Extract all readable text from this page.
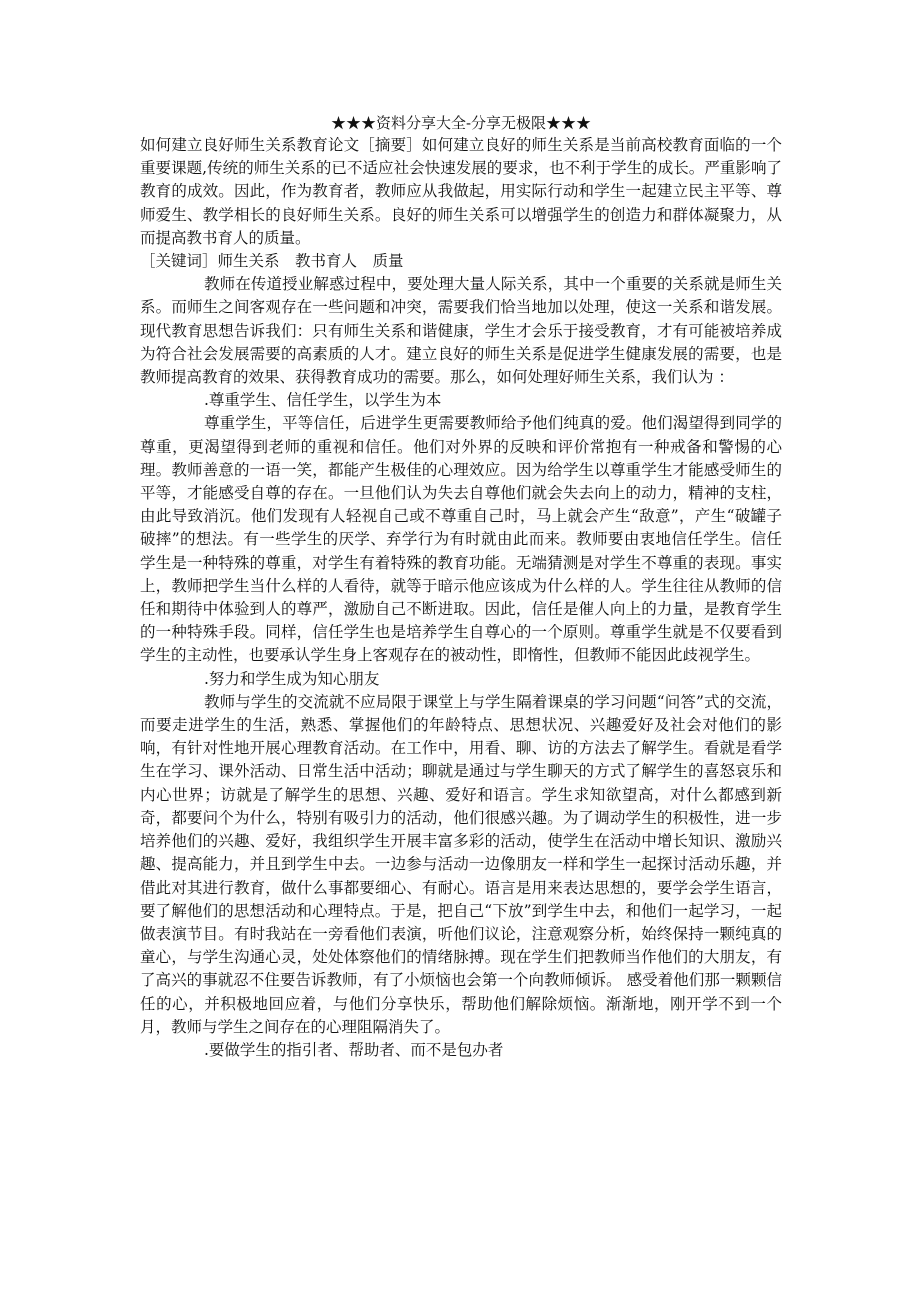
★★★资料分享大全-分享无极限★★★

如何建立良好师生关系教育论文［摘要］如何建立良好的师生关系是当前高校教育面临的一个重要课题,传统的师生关系的已不适应社会快速发展的要求，也不利于学生的成长。严重影响了教育的成效。因此，作为教育者，教师应从我做起，用实际行动和学生一起建立民主平等、尊师爱生、教学相长的良好师生关系。良好的师生关系可以增强学生的创造力和群体凝聚力，从而提高教书育人的质量。

［关键词］师生关系　教书育人　质量

教师在传道授业解惑过程中，要处理大量人际关系，其中一个重要的关系就是师生关系。而师生之间客观存在一些问题和冲突，需要我们恰当地加以处理，使这一关系和谐发展。现代教育思想告诉我们：只有师生关系和谐健康，学生才会乐于接受教育，才有可能被培养成为符合社会发展需要的高素质的人才。建立良好的师生关系是促进学生健康发展的需要，也是教师提高教育的效果、获得教育成功的需要。那么，如何处理好师生关系，我们认为 ：

.尊重学生、信任学生，以学生为本

尊重学生，平等信任，后进学生更需要教师给予他们纯真的爱。他们渴望得到同学的尊重，更渴望得到老师的重视和信任。他们对外界的反映和评价常抱有一种戒备和警惕的心理。教师善意的一语一笑，都能产生极佳的心理效应。因为给学生以尊重学生才能感受师生的平等，才能感受自尊的存在。一旦他们认为失去自尊他们就会失去向上的动力，精神的支柱，由此导致消沉。他们发现有人轻视自己或不尊重自己时，马上就会产生“敌意”，产生“破罐子破摔”的想法。有一些学生的厌学、弃学行为有时就由此而来。教师要由衷地信任学生。信任学生是一种特殊的尊重，对学生有着特殊的教育功能。无端猜测是对学生不尊重的表现。事实上，教师把学生当什么样的人看待，就等于暗示他应该成为什么样的人。学生往往从教师的信任和期待中体验到人的尊严，激励自己不断进取。因此，信任是催人向上的力量，是教育学生的一种特殊手段。同样，信任学生也是培养学生自尊心的一个原则。尊重学生就是不仅要看到学生的主动性，也要承认学生身上客观存在的被动性，即惰性，但教师不能因此歧视学生。

.努力和学生成为知心朋友

教师与学生的交流就不应局限于课堂上与学生隔着课桌的学习问题“问答”式的交流，而要走进学生的生活，熟悉、掌握他们的年龄特点、思想状况、兴趣爱好及社会对他们的影响，有针对性地开展心理教育活动。在工作中，用看、聊、访的方法去了解学生。看就是看学生在学习、课外活动、日常生活中活动；聊就是通过与学生聊天的方式了解学生的喜怒哀乐和内心世界；访就是了解学生的思想、兴趣、爱好和语言。学生求知欲望高，对什么都感到新奇，都要问个为什么，特别有吸引力的活动，他们很感兴趣。为了调动学生的积极性，进一步培养他们的兴趣、爱好，我组织学生开展丰富多彩的活动，使学生在活动中增长知识、激励兴趣、提高能力，并且到学生中去。一边参与活动一边像朋友一样和学生一起探讨活动乐趣，并借此对其进行教育，做什么事都要细心、有耐心。语言是用来表达思想的，要学会学生语言，要了解他们的思想活动和心理特点。于是，把自己“下放”到学生中去，和他们一起学习，一起做表演节目。有时我站在一旁看他们表演，听他们议论，注意观察分析，始终保持一颗纯真的童心，与学生沟通心灵，处处体察他们的情绪脉搏。现在学生们把教师当作他们的大朋友，有了高兴的事就忍不住要告诉教师，有了小烦恼也会第一个向教师倾诉。 感受着他们那一颗颗信任的心，并积极地回应着，与他们分享快乐，帮助他们解除烦恼。渐渐地，刚开学不到一个月，教师与学生之间存在的心理阻隔消失了。

.要做学生的指引者、帮助者、而不是包办者
